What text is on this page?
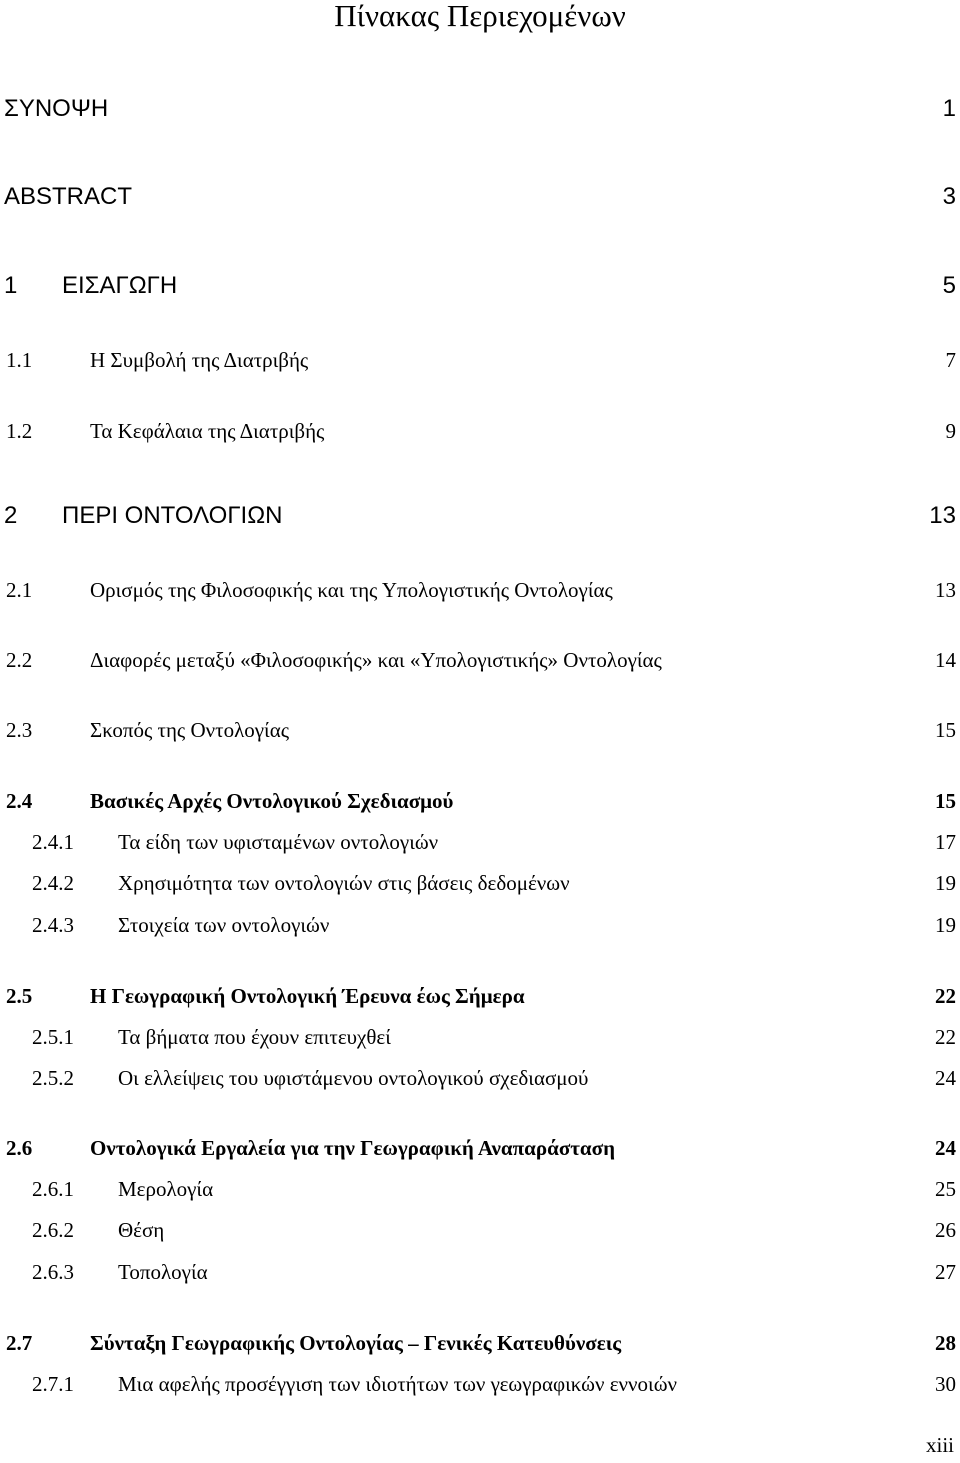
Πίνακας Περιεχομένων
ΣΥΝΟΨΗ	1
ABSTRACT	3
1 ΕΙΣΑΓΩΓΗ	5
1.1	Η Συμβολή της Διατριβής	7
1.2	Τα Κεφάλαια της Διατριβής	9
2 ΠΕΡΙ ΟΝΤΟΛΟΓΙΩΝ	13
2.1	Ορισμός της Φιλοσοφικής και της Υπολογιστικής Οντολογίας	13
2.2	Διαφορές μεταξύ «Φιλοσοφικής» και «Υπολογιστικής» Οντολογίας	14
2.3	Σκοπός της Οντολογίας	15
2.4	Βασικές Αρχές Οντολογικού Σχεδιασμού	15
2.4.1 Τα είδη των υφισταμένων οντολογιών	17
2.4.2 Χρησιμότητα των οντολογιών στις βάσεις δεδομένων	19
2.4.3 Στοιχεία των οντολογιών	19
2.5	Η Γεωγραφική Οντολογική Έρευνα έως Σήμερα	22
2.5.1 Τα βήματα που έχουν επιτευχθεί	22
2.5.2 Οι ελλείψεις του υφιστάμενου οντολογικού σχεδιασμού	24
2.6	Οντολογικά Εργαλεία για την Γεωγραφική Αναπαράσταση	24
2.6.1 Μερολογία	25
2.6.2 Θέση	26
2.6.3 Τοπολογία	27
2.7	Σύνταξη Γεωγραφικής Οντολογίας – Γενικές Κατευθύνσεις	28
2.7.1 Μια αφελής προσέγγιση των ιδιοτήτων των γεωγραφικών εννοιών	30
xiii
